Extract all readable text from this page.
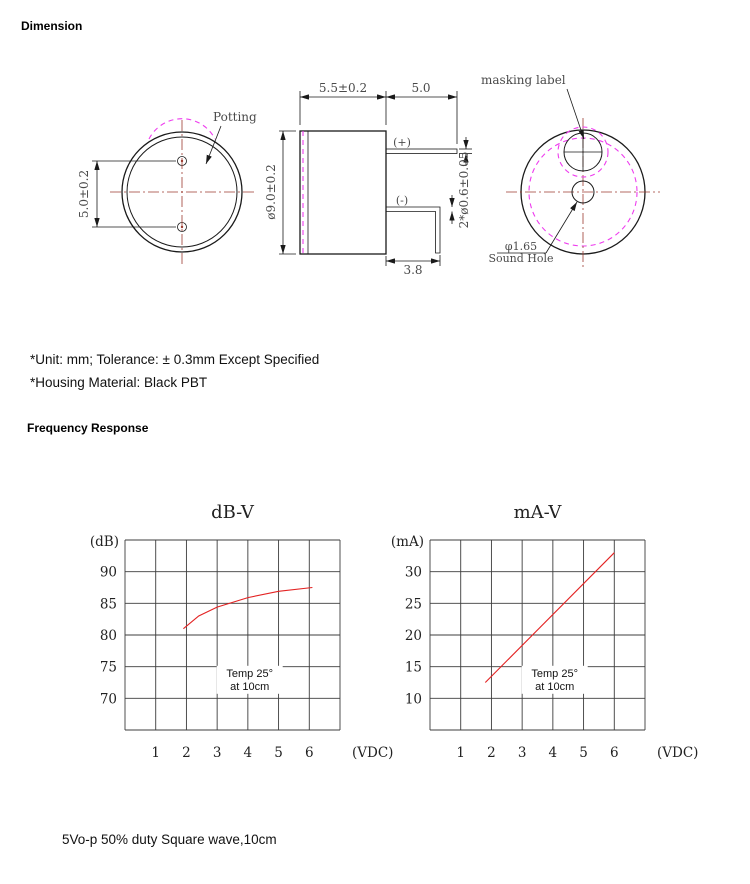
5.0±0.2
Potting
5.5±0.2	5.0
ø9.0±0.2
(+)
(-)
3.8
2*ø0.6±0.05
masking label
φ1.65
Sound Hole
Dimension
*Unit: mm; Tolerance: ± 0.3mm Except Specified
*Housing Material: Black PBT
Frequency Response
dB-V
(dB)
90
85
80
75
70
1 2 3 4 5 6	(VDC)
Temp 25°
at 10cm
mA-V
(mA)
30
25
20
15
10
1 2 3 4 5 6	(VDC)
Temp 25°
at 10cm
5Vo-p 50% duty Square wave,10cm
